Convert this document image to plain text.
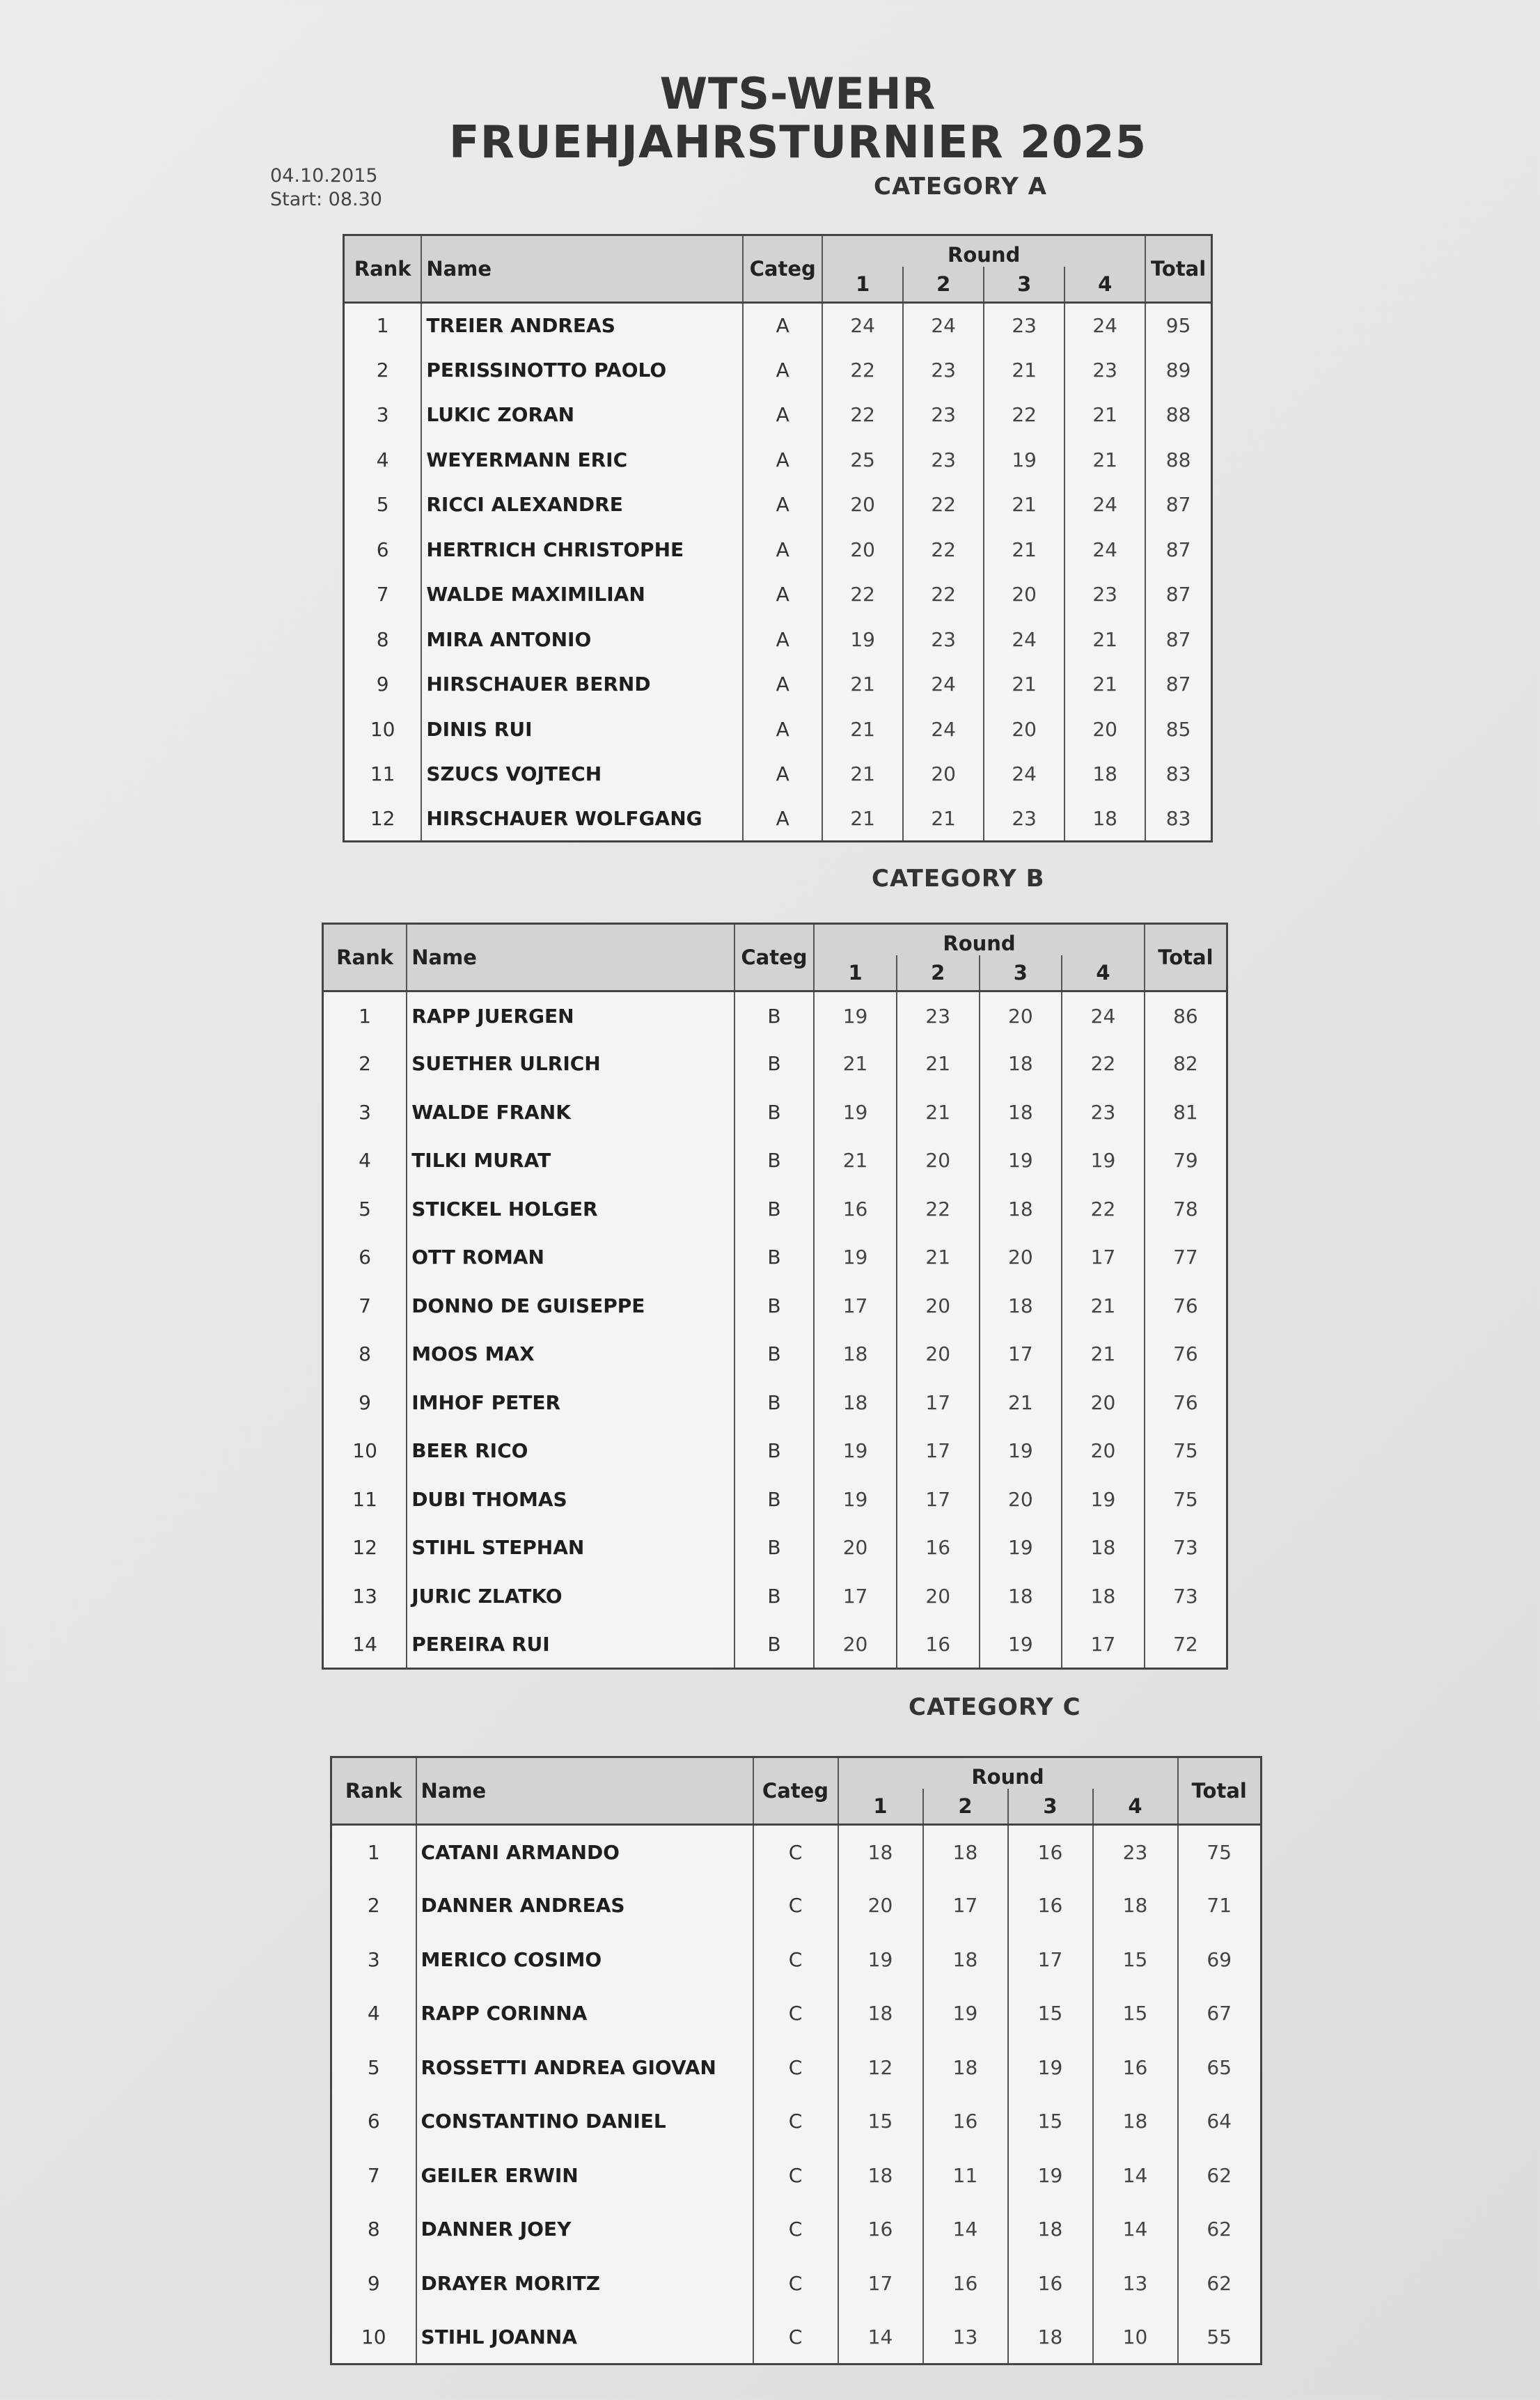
WTS-WEHR
FRUEHJAHRSTURNIER 2025
04.10.2015
Start: 08.30	CATEGORY A
Rank	Name	Categ	Round				Total
			1	2	3	4	
1	TREIER ANDREAS	A	24	24	23	24	95
2	PERISSINOTTO PAOLO	A	22	23	21	23	89
3	LUKIC ZORAN	A	22	23	22	21	88
4	WEYERMANN ERIC	A	25	23	19	21	88
5	RICCI ALEXANDRE	A	20	22	21	24	87
6	HERTRICH CHRISTOPHE	A	20	22	21	24	87
7	WALDE MAXIMILIAN	A	22	22	20	23	87
8	MIRA ANTONIO	A	19	23	24	21	87
9	HIRSCHAUER BERND	A	21	24	21	21	87
10	DINIS RUI	A	21	24	20	20	85
11	SZUCS VOJTECH	A	21	20	24	18	83
12	HIRSCHAUER WOLFGANG	A	21	21	23	18	83
CATEGORY B
Rank	Name	Categ	Round				Total
			1	2	3	4	
1	RAPP JUERGEN	B	19	23	20	24	86
2	SUETHER ULRICH	B	21	21	18	22	82
3	WALDE FRANK	B	19	21	18	23	81
4	TILKI MURAT	B	21	20	19	19	79
5	STICKEL HOLGER	B	16	22	18	22	78
6	OTT ROMAN	B	19	21	20	17	77
7	DONNO DE GUISEPPE	B	17	20	18	21	76
8	MOOS MAX	B	18	20	17	21	76
9	IMHOF PETER	B	18	17	21	20	76
10	BEER RICO	B	19	17	19	20	75
11	DUBI THOMAS	B	19	17	20	19	75
12	STIHL STEPHAN	B	20	16	19	18	73
13	JURIC ZLATKO	B	17	20	18	18	73
14	PEREIRA RUI	B	20	16	19	17	72
CATEGORY C
Rank	Name	Categ	Round				Total
			1	2	3	4	
1	CATANI ARMANDO	C	18	18	16	23	75
2	DANNER ANDREAS	C	20	17	16	18	71
3	MERICO COSIMO	C	19	18	17	15	69
4	RAPP CORINNA	C	18	19	15	15	67
5	ROSSETTI ANDREA GIOVAN	C	12	18	19	16	65
6	CONSTANTINO DANIEL	C	15	16	15	18	64
7	GEILER ERWIN	C	18	11	19	14	62
8	DANNER JOEY	C	16	14	18	14	62
9	DRAYER MORITZ	C	17	16	16	13	62
10	STIHL JOANNA	C	14	13	18	10	55
